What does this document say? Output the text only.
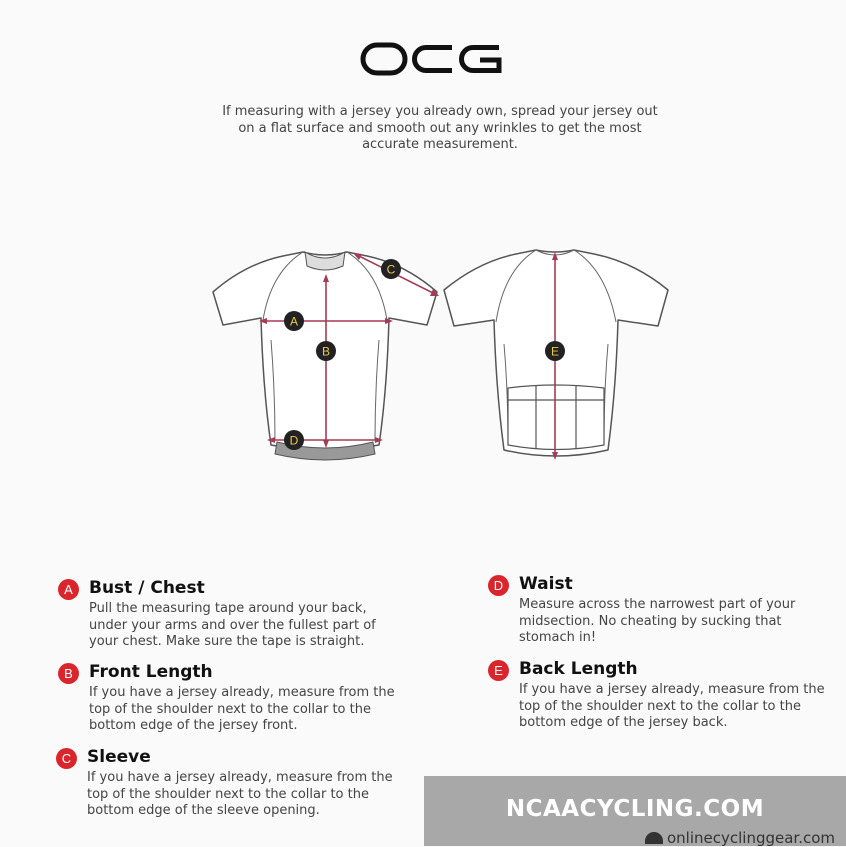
If measuring with a jersey you already own, spread your jersey out on a flat surface and smooth out any wrinkles to get the most accurate measurement.

A
B
C
D
E
A Bust / Chest

Pull the measuring tape around your back, under your arms and over the fullest part of your chest. Make sure the tape is straight.

B Front Length

If you have a jersey already, measure from the top of the shoulder next to the collar to the bottom edge of the jersey front.

C Sleeve

If you have a jersey already, measure from the top of the shoulder next to the collar to the bottom edge of the sleeve opening.

D Waist

Measure across the narrowest part of your midsection. No cheating by sucking that stomach in!

E Back Length

If you have a jersey already, measure from the top of the shoulder next to the collar to the bottom edge of the jersey back.

NCAACYCLING.COM
onlinecyclinggear.com
